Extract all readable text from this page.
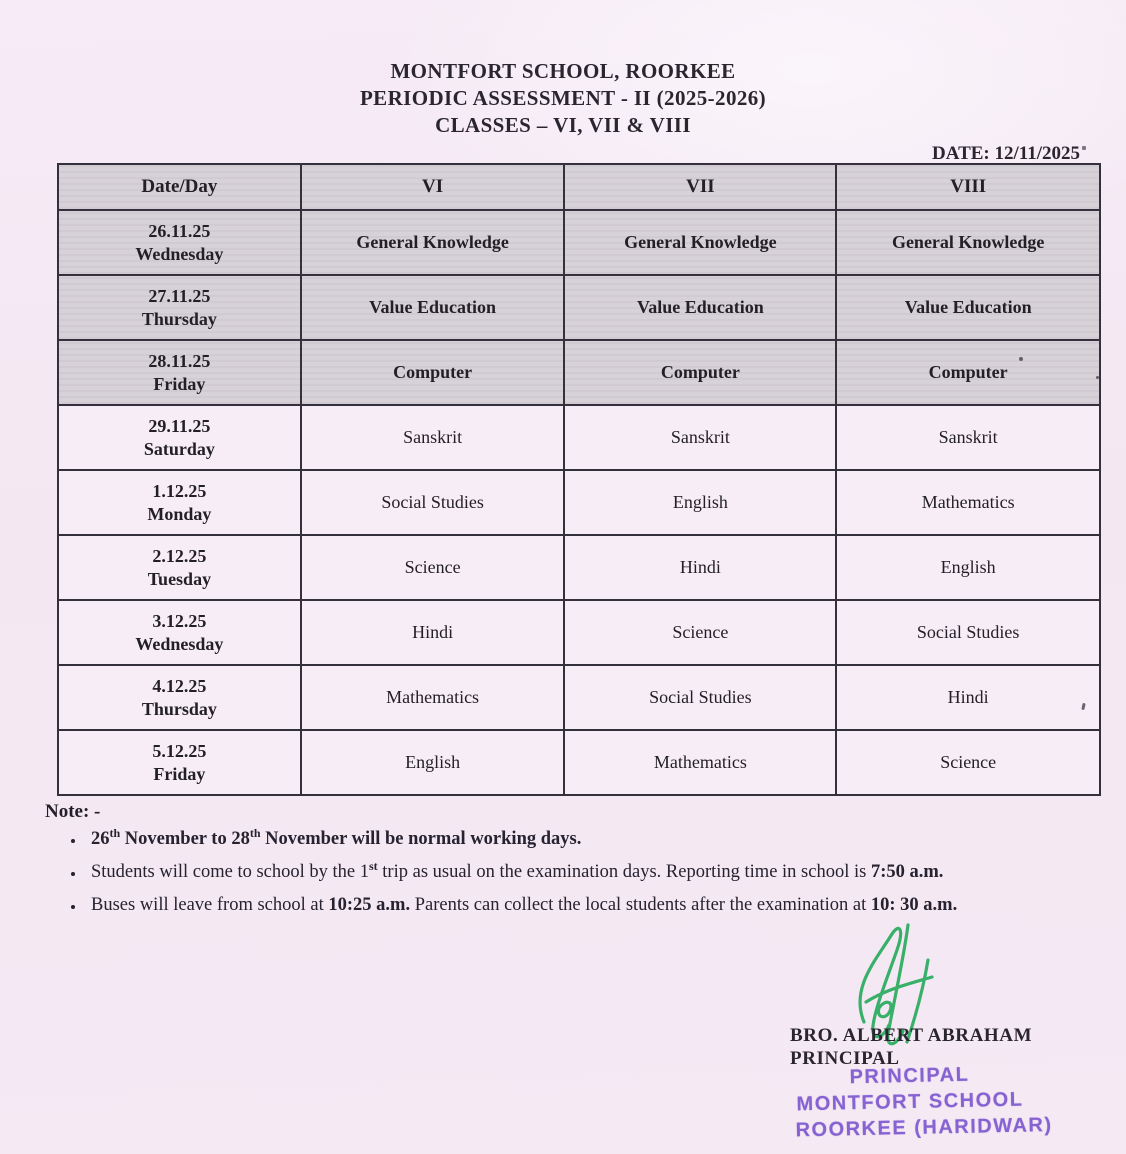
MONTFORT SCHOOL, ROORKEE
PERIODIC ASSESSMENT - II (2025-2026)
CLASSES – VI, VII & VIII
DATE: 12/11/2025
Date/Day	VI	VII	VIII

26.11.25
Wednesday	General Knowledge	General Knowledge	General Knowledge

27.11.25
Thursday	Value Education	Value Education	Value Education

28.11.25
Friday	Computer	Computer	Computer

29.11.25
Saturday	Sanskrit	Sanskrit	Sanskrit

1.12.25
Monday	Social Studies	English	Mathematics

2.12.25
Tuesday	Science	Hindi	English

3.12.25
Wednesday	Hindi	Science	Social Studies

4.12.25
Thursday	Mathematics	Social Studies	Hindi

5.12.25
Friday	English	Mathematics	Science
Note: -
• 26th November to 28th November will be normal working days.
• Students will come to school by the 1st trip as usual on the examination days. Reporting time in school is 7:50 a.m.
• Buses will leave from school at 10:25 a.m. Parents can collect the local students after the examination at 10: 30 a.m.
BRO. ALBERT ABRAHAM
PRINCIPAL
PRINCIPAL
MONTFORT SCHOOL
ROORKEE (HARIDWAR)
